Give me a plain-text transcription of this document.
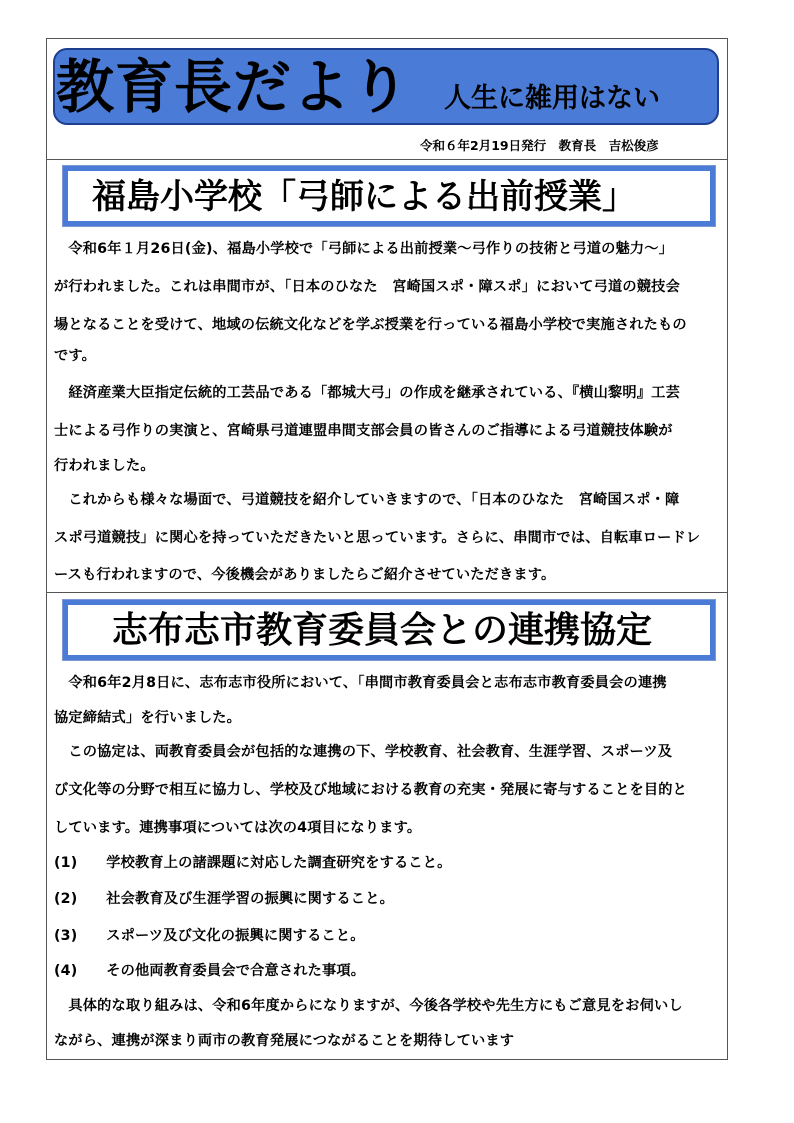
教育長だより 人生に雑用はない
令和６年2月19日発行　教育長　吉松俊彦
福島小学校「弓師による出前授業」
　令和6年１月26日(金)、福島小学校で「弓師による出前授業～弓作りの技術と弓道の魅力～」
が行われました。これは串間市が、「日本のひなた　宮崎国スポ・障スポ」において弓道の競技会
場となることを受けて、地域の伝統文化などを学ぶ授業を行っている福島小学校で実施されたもの
です。
　経済産業大臣指定伝統的工芸品である「都城大弓」の作成を継承されている、『横山黎明』工芸
士による弓作りの実演と、宮崎県弓道連盟串間支部会員の皆さんのご指導による弓道競技体験が
行われました。
　これからも様々な場面で、弓道競技を紹介していきますので、「日本のひなた　宮崎国スポ・障
スポ弓道競技」に関心を持っていただきたいと思っています。さらに、串間市では、自転車ロードレ
ースも行われますので、今後機会がありましたらご紹介させていただきます。
志布志市教育委員会との連携協定
　令和6年2月8日に、志布志市役所において、「串間市教育委員会と志布志市教育委員会の連携
協定締結式」を行いました。
　この協定は、両教育委員会が包括的な連携の下、学校教育、社会教育、生涯学習、スポーツ及
び文化等の分野で相互に協力し、学校及び地域における教育の充実・発展に寄与することを目的と
しています。連携事項については次の4項目になります。
(1)　　学校教育上の諸課題に対応した調査研究をすること。
(2)　　社会教育及び生涯学習の振興に関すること。
(3)　　スポーツ及び文化の振興に関すること。
(4)　　その他両教育委員会で合意された事項。
　具体的な取り組みは、令和6年度からになりますが、今後各学校や先生方にもご意見をお伺いし
ながら、連携が深まり両市の教育発展につながることを期待しています
